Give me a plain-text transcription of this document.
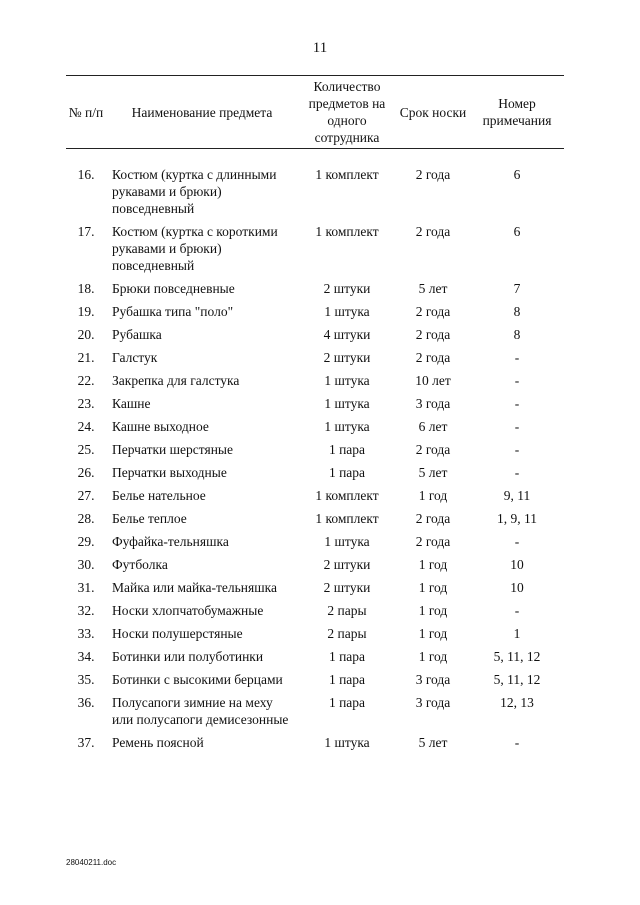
11
№ п/п	Наименование предмета	Количество предметов на одного сотрудника	Срок носки	Номер примечания

16.	Костюм (куртка с длинными рукавами и брюки) повседневный	1 комплект	2 года	6
17.	Костюм (куртка с короткими рукавами и брюки) повседневный	1 комплект	2 года	6
18.	Брюки повседневные	2 штуки	5 лет	7
19.	Рубашка типа "поло"	1 штука	2 года	8
20.	Рубашка	4 штуки	2 года	8
21.	Галстук	2 штуки	2 года	-
22.	Закрепка для галстука	1 штука	10 лет	-
23.	Кашне	1 штука	3 года	-
24.	Кашне выходное	1 штука	6 лет	-
25.	Перчатки шерстяные	1 пара	2 года	-
26.	Перчатки выходные	1 пара	5 лет	-
27.	Белье нательное	1 комплект	1 год	9, 11
28.	Белье теплое	1 комплект	2 года	1, 9, 11
29.	Фуфайка-тельняшка	1 штука	2 года	-
30.	Футболка	2 штуки	1 год	10
31.	Майка или майка-тельняшка	2 штуки	1 год	10
32.	Носки хлопчатобумажные	2 пары	1 год	-
33.	Носки полушерстяные	2 пары	1 год	1
34.	Ботинки или полуботинки	1 пара	1 год	5, 11, 12
35.	Ботинки с высокими берцами	1 пара	3 года	5, 11, 12
36.	Полусапоги зимние на меху или полусапоги демисезонные	1 пара	3 года	12, 13
37.	Ремень поясной	1 штука	5 лет	-
28040211.doc
